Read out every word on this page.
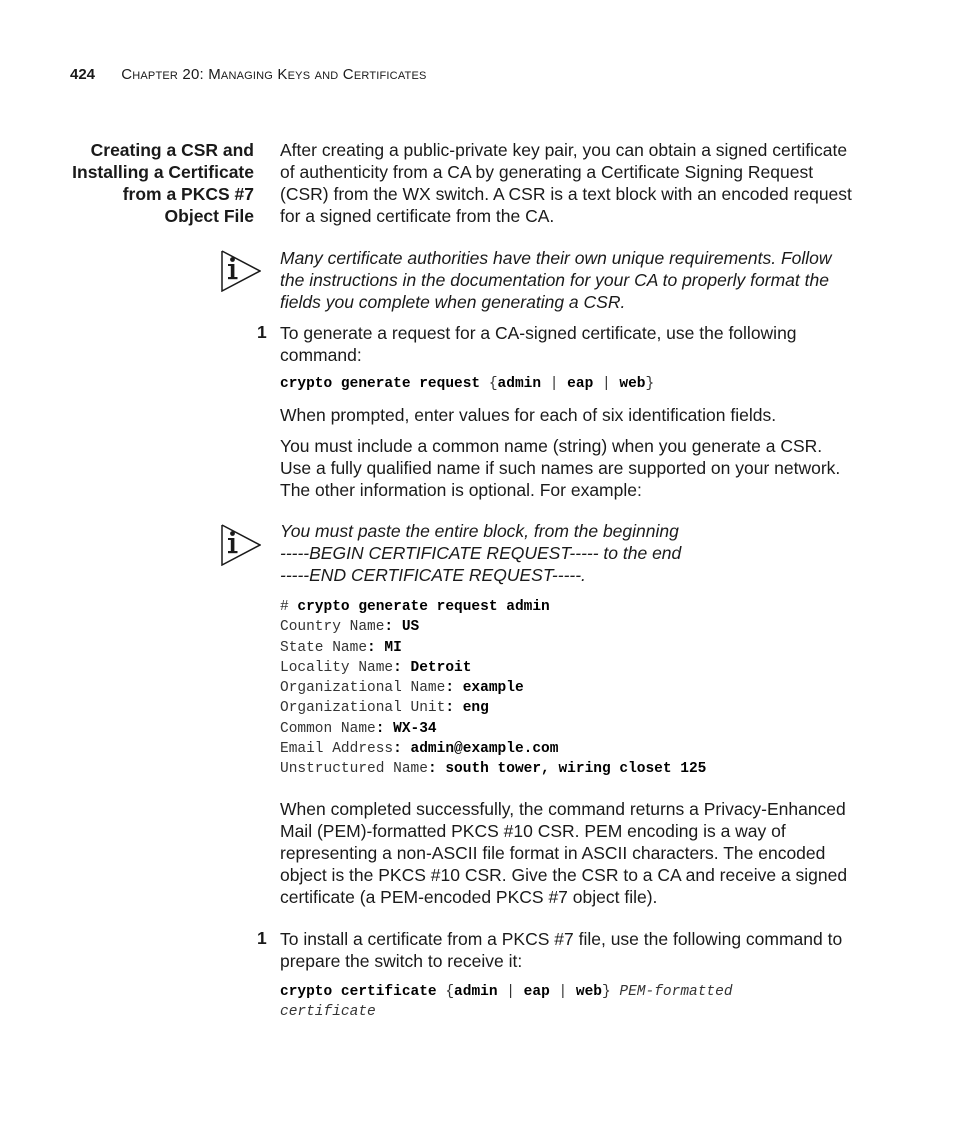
424 Chapter 20: Managing Keys and Certificates
Creating a CSR and
Installing a Certificate
from a PKCS #7
Object File
After creating a public-private key pair, you can obtain a signed certificate
of authenticity from a CA by generating a Certificate Signing Request
(CSR) from the WX switch. A CSR is a text block with an encoded request
for a signed certificate from the CA.
Many certificate authorities have their own unique requirements. Follow
the instructions in the documentation for your CA to properly format the
fields you complete when generating a CSR.
1 To generate a request for a CA-signed certificate, use the following
command:
crypto generate request {admin | eap | web}
When prompted, enter values for each of six identification fields.
You must include a common name (string) when you generate a CSR.
Use a fully qualified name if such names are supported on your network.
The other information is optional. For example:
You must paste the entire block, from the beginning
-----BEGIN CERTIFICATE REQUEST----- to the end
-----END CERTIFICATE REQUEST-----.
# crypto generate request admin
Country Name: US
State Name: MI
Locality Name: Detroit
Organizational Name: example
Organizational Unit: eng
Common Name: WX-34
Email Address: admin@example.com
Unstructured Name: south tower, wiring closet 125
When completed successfully, the command returns a Privacy-Enhanced
Mail (PEM)-formatted PKCS #10 CSR. PEM encoding is a way of
representing a non-ASCII file format in ASCII characters. The encoded
object is the PKCS #10 CSR. Give the CSR to a CA and receive a signed
certificate (a PEM-encoded PKCS #7 object file).
1 To install a certificate from a PKCS #7 file, use the following command to
prepare the switch to receive it:
crypto certificate {admin | eap | web} PEM-formatted
certificate
